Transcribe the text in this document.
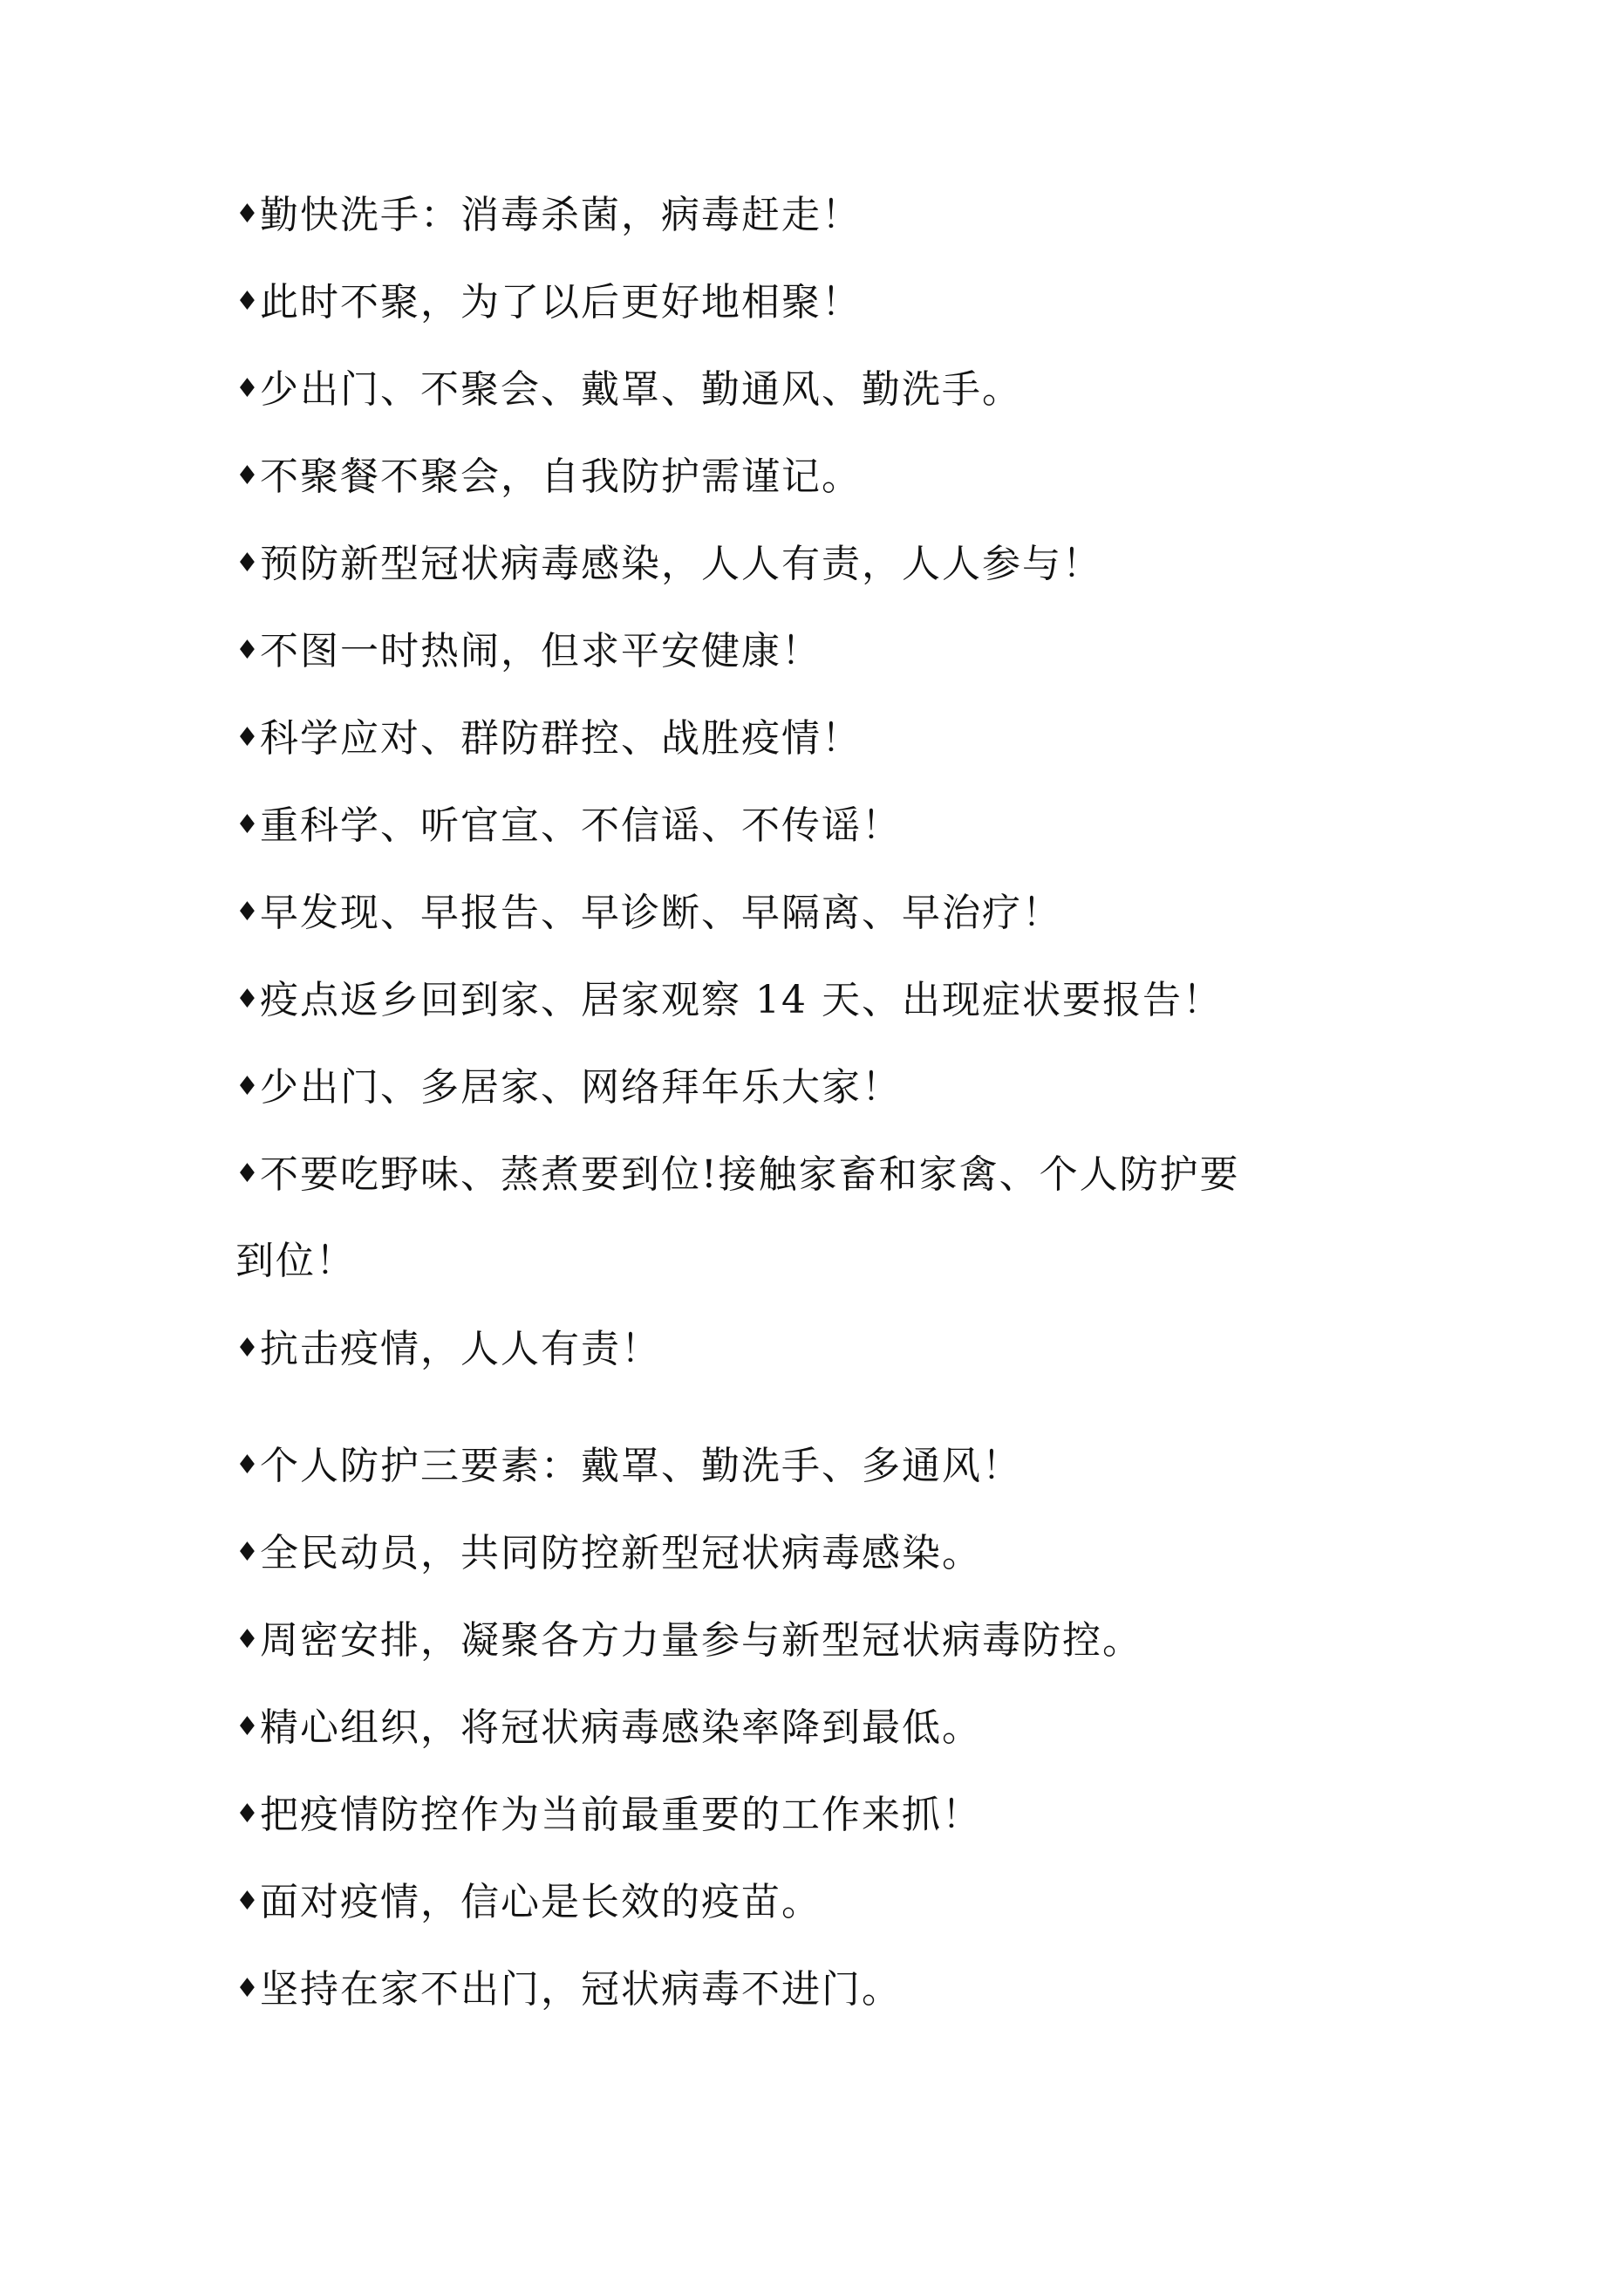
♦勤快洗手：消毒杀菌，病毒赶走！
♦此时不聚，为了以后更好地相聚！
♦少出门、不聚会、戴罩、勤通风、勤洗手。
♦不聚餐不聚会，自我防护需谨记。
♦预防新型冠状病毒感染，人人有责，人人参与！
♦不图一时热闹，但求平安健康！
♦科学应对、群防群控、战胜疫情！
♦重科学、听官宣、不信谣、不传谣！
♦早发现、早报告、早诊断、早隔离、早治疗！
♦疫点返乡回到家、居家观察 14 天、出现症状要报告！
♦少出门、多居家、网络拜年乐大家！
♦不要吃野味、蒸煮要到位!接触家畜和家禽、个人防护要
到位！
♦抗击疫情，人人有责！
♦个人防护三要素：戴罩、勤洗手、多通风！
♦全民动员，共同防控新型冠状病毒感染。
♦周密安排，凝聚各方力量参与新型冠状病毒防控。
♦精心组织，将冠状病毒感染率降到最低。
♦把疫情防控作为当前最重要的工作来抓！
♦面对疫情，信心是长效的疫苗。
♦坚持在家不出门，冠状病毒不进门。
